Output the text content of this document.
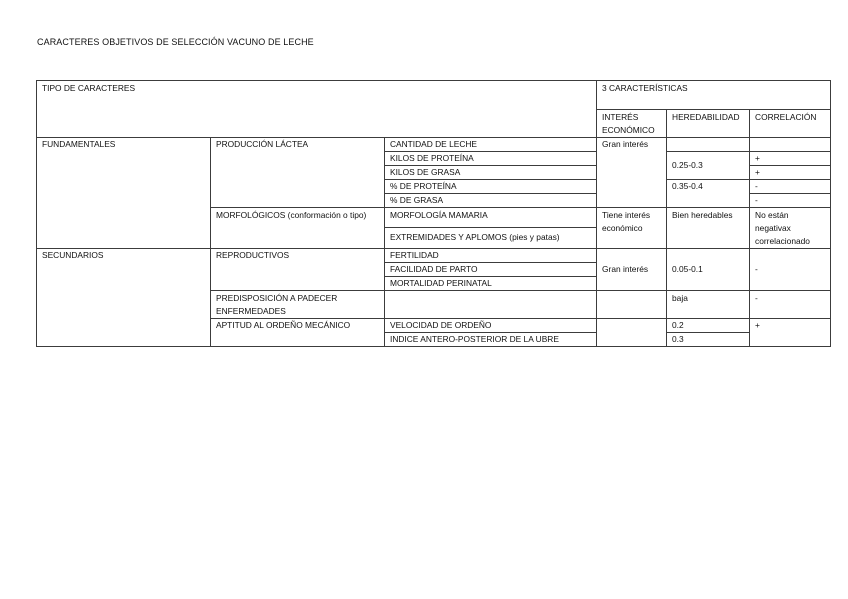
CARACTERES OBJETIVOS DE SELECCIÓN VACUNO DE LECHE
TIPO DE CARACTERES			3 CARACTERÍSTICAS		
			INTERÉS ECONÓMICO	HEREDABILIDAD	CORRELACIÓN
FUNDAMENTALES	PRODUCCIÓN LÁCTEA	CANTIDAD DE LECHE	Gran interés		
		KILOS DE PROTEÍNA		0.25-0.3	+
		KILOS DE GRASA			+
		% DE PROTEÍNA		0.35-0.4	-
		% DE GRASA			-
	MORFOLÓGICOS (conformación o tipo)	MORFOLOGÍA MAMARIA	Tiene interés económico	Bien heredables	No están negativax correlacionado
		EXTREMIDADES Y APLOMOS (pies y patas)			
SECUNDARIOS	REPRODUCTIVOS	FERTILIDAD	Gran interés	0.05-0.1	-
		FACILIDAD DE PARTO			
		MORTALIDAD PERINATAL			
	PREDISPOSICIÓN A PADECER ENFERMEDADES			baja	-
	APTITUD AL ORDEÑO MECÁNICO	VELOCIDAD DE ORDEÑO		0.2	+
		INDICE ANTERO-POSTERIOR DE LA UBRE		0.3	
